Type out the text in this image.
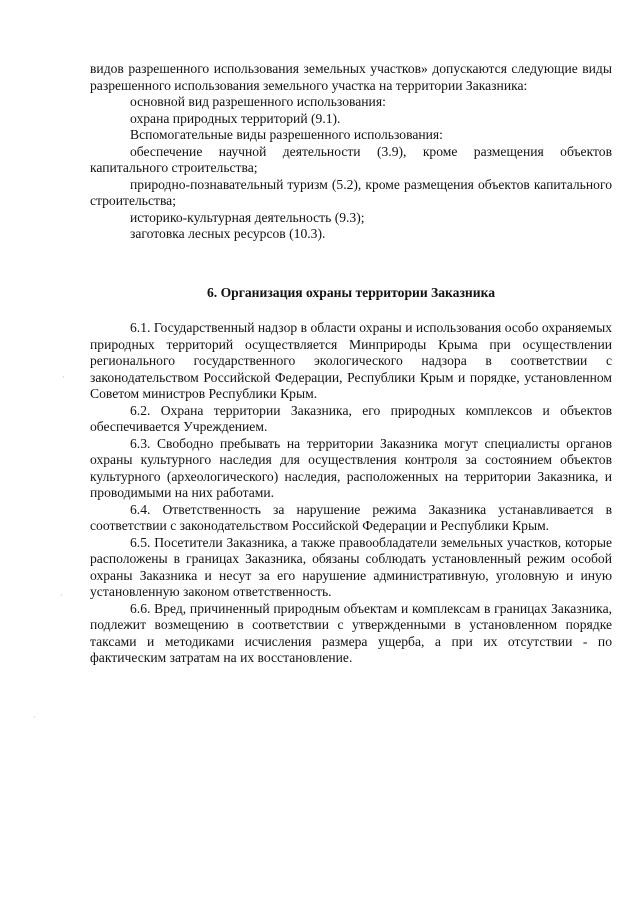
видов разрешенного использования земельных участков» допускаются следующие виды разрешенного использования земельного участка на территории Заказника:

основной вид разрешенного использования:

охрана природных территорий (9.1).

Вспомогательные виды разрешенного использования:

обеспечение научной деятельности (3.9), кроме размещения объектов капитального строительства;

природно-познавательный туризм (5.2), кроме размещения объектов капитального строительства;

историко-культурная деятельность (9.3);

заготовка лесных ресурсов (10.3).

6. Организация охраны территории Заказника

6.1. Государственный надзор в области охраны и использования особо охраняемых природных территорий осуществляется Минприроды Крыма при осуществлении регионального государственного экологического надзора в соответствии с законодательством Российской Федерации, Республики Крым и порядке, установленном Советом министров Республики Крым.

6.2. Охрана территории Заказника, его природных комплексов и объектов обеспечивается Учреждением.

6.3. Свободно пребывать на территории Заказника могут специалисты органов охраны культурного наследия для осуществления контроля за состоянием объектов культурного (археологического) наследия, расположенных на территории Заказника, и проводимыми на них работами.

6.4. Ответственность за нарушение режима Заказника устанавливается в соответствии с законодательством Российской Федерации и Республики Крым.

6.5. Посетители Заказника, а также правообладатели земельных участков, которые расположены в границах Заказника, обязаны соблюдать установленный режим особой охраны Заказника и несут за его нарушение административную, уголовную и иную установленную законом ответственность.

6.6. Вред, причиненный природным объектам и комплексам в границах Заказника, подлежит возмещению в соответствии с утвержденными в установленном порядке таксами и методиками исчисления размера ущерба, а при их отсутствии - по фактическим затратам на их восстановление.

·
·
·
